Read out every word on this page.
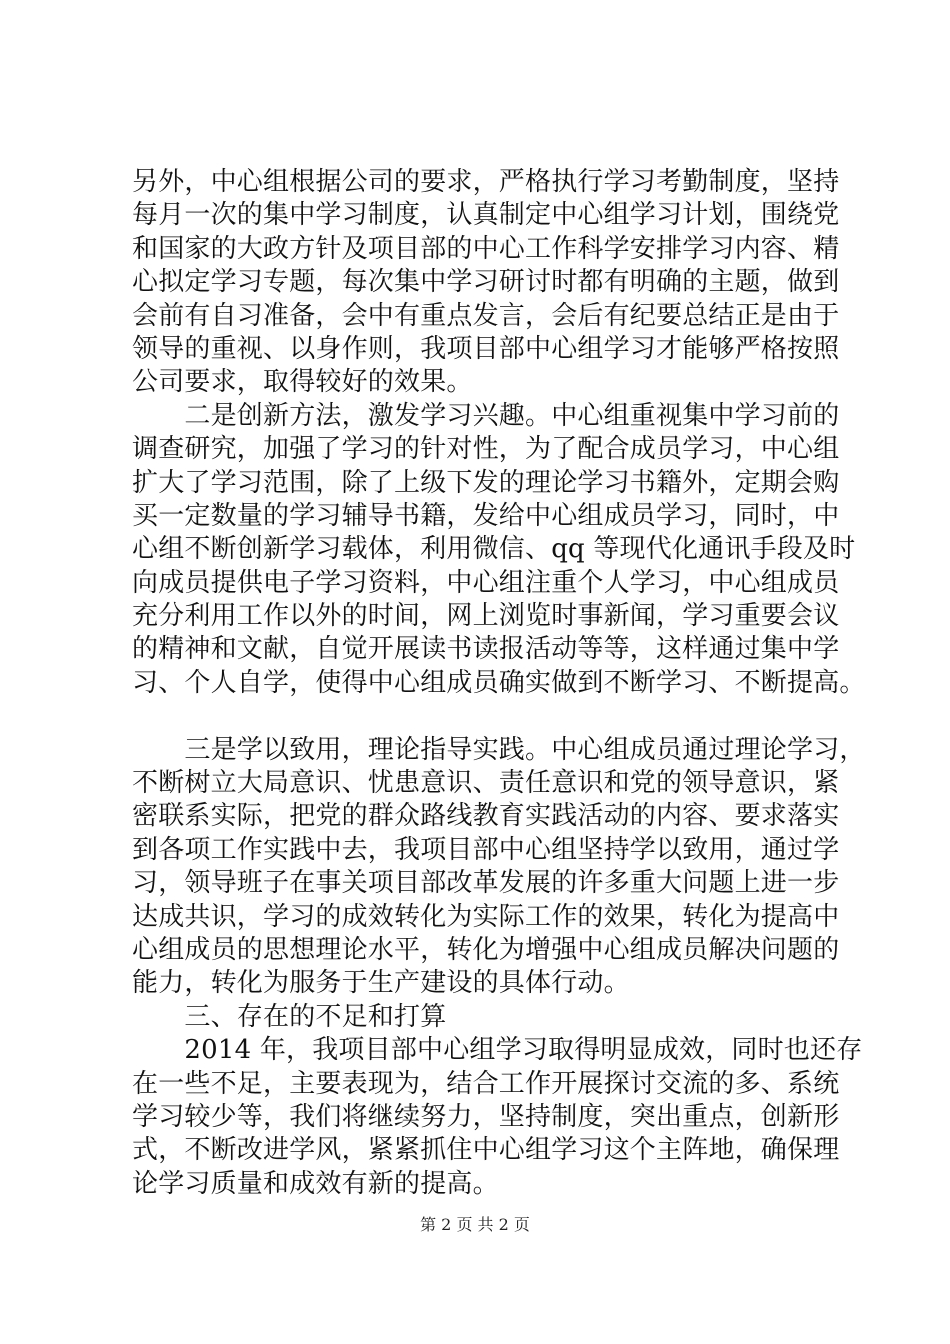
另外，中心组根据公司的要求，严格执行学习考勤制度，坚持
每月一次的集中学习制度，认真制定中心组学习计划，围绕党
和国家的大政方针及项目部的中心工作科学安排学习内容、精
心拟定学习专题，每次集中学习研讨时都有明确的主题，做到
会前有自习准备，会中有重点发言，会后有纪要总结正是由于
领导的重视、以身作则，我项目部中心组学习才能够严格按照
公司要求，取得较好的效果。
　　二是创新方法，激发学习兴趣。中心组重视集中学习前的
调查研究，加强了学习的针对性，为了配合成员学习，中心组
扩大了学习范围，除了上级下发的理论学习书籍外，定期会购
买一定数量的学习辅导书籍，发给中心组成员学习，同时，中
心组不断创新学习载体，利用微信、qq 等现代化通讯手段及时
向成员提供电子学习资料，中心组注重个人学习，中心组成员
充分利用工作以外的时间，网上浏览时事新闻，学习重要会议
的精神和文献，自觉开展读书读报活动等等，这样通过集中学
习、个人自学，使得中心组成员确实做到不断学习、不断提高。
　　三是学以致用，理论指导实践。中心组成员通过理论学习，
不断树立大局意识、忧患意识、责任意识和党的领导意识，紧
密联系实际，把党的群众路线教育实践活动的内容、要求落实
到各项工作实践中去，我项目部中心组坚持学以致用，通过学
习，领导班子在事关项目部改革发展的许多重大问题上进一步
达成共识，学习的成效转化为实际工作的效果，转化为提高中
心组成员的思想理论水平，转化为增强中心组成员解决问题的
能力，转化为服务于生产建设的具体行动。
　　三、存在的不足和打算
　　2014 年，我项目部中心组学习取得明显成效，同时也还存
在一些不足，主要表现为，结合工作开展探讨交流的多、系统
学习较少等，我们将继续努力，坚持制度，突出重点，创新形
式，不断改进学风，紧紧抓住中心组学习这个主阵地，确保理
论学习质量和成效有新的提高。
第 2 页 共 2 页
